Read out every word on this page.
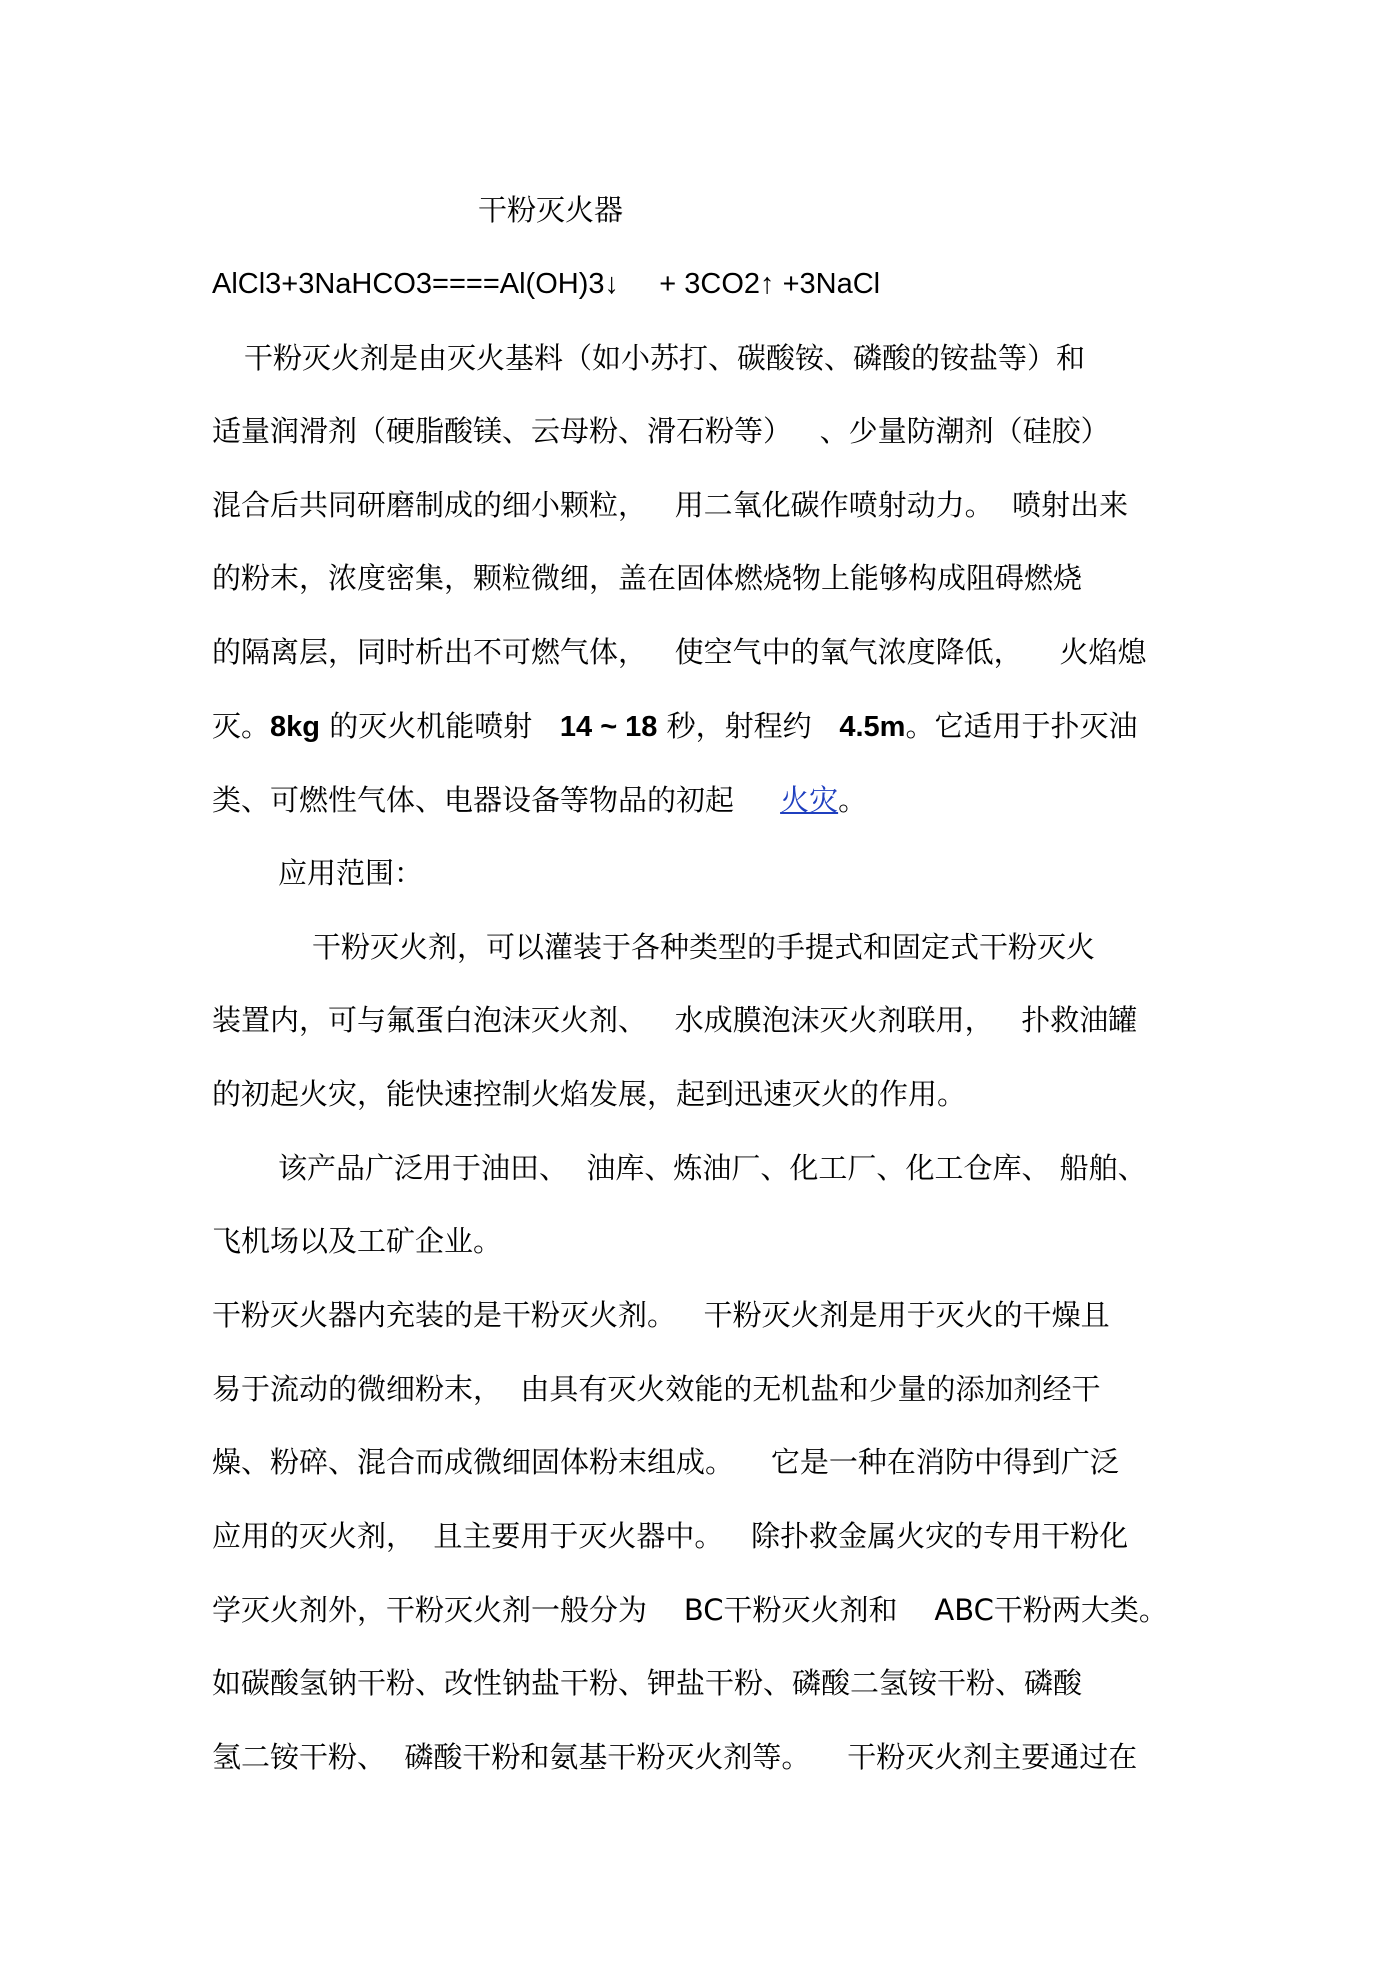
干粉灭火器
AlCl3+3NaHCO3====Al(OH)3↓     + 3CO2↑ +3NaCl
干粉灭火剂是由灭火基料（如小苏打、碳酸铵、磷酸的铵盐等）和
适量润滑剂（硬脂酸镁、云母粉、滑石粉等）   、少量防潮剂（硅胶）
混合后共同研磨制成的细小颗粒，   用二氧化碳作喷射动力。  喷射出来
的粉末，浓度密集，颗粒微细，盖在固体燃烧物上能够构成阻碍燃烧
的隔离层，同时析出不可燃气体，   使空气中的氧气浓度降低，    火焰熄
灭。8kg 的灭火机能喷射   14 ~ 18 秒，射程约   4.5m。它适用于扑灭油
类、可燃性气体、电器设备等物品的初起     火灾。
应用范围：
干粉灭火剂，可以灌装于各种类型的手提式和固定式干粉灭火
装置内，可与氟蛋白泡沫灭火剂、   水成膜泡沫灭火剂联用，   扑救油罐
的初起火灾，能快速控制火焰发展，起到迅速灭火的作用。
该产品广泛用于油田、  油库、炼油厂、化工厂、化工仓库、 船舶、
飞机场以及工矿企业。
干粉灭火器内充装的是干粉灭火剂。   干粉灭火剂是用于灭火的干燥且
易于流动的微细粉末，  由具有灭火效能的无机盐和少量的添加剂经干
燥、粉碎、混合而成微细固体粉末组成。    它是一种在消防中得到广泛
应用的灭火剂，  且主要用于灭火器中。   除扑救金属火灾的专用干粉化
学灭火剂外，干粉灭火剂一般分为    BC干粉灭火剂和    ABC干粉两大类。
如碳酸氢钠干粉、改性钠盐干粉、钾盐干粉、磷酸二氢铵干粉、磷酸
氢二铵干粉、  磷酸干粉和氨基干粉灭火剂等。    干粉灭火剂主要通过在
